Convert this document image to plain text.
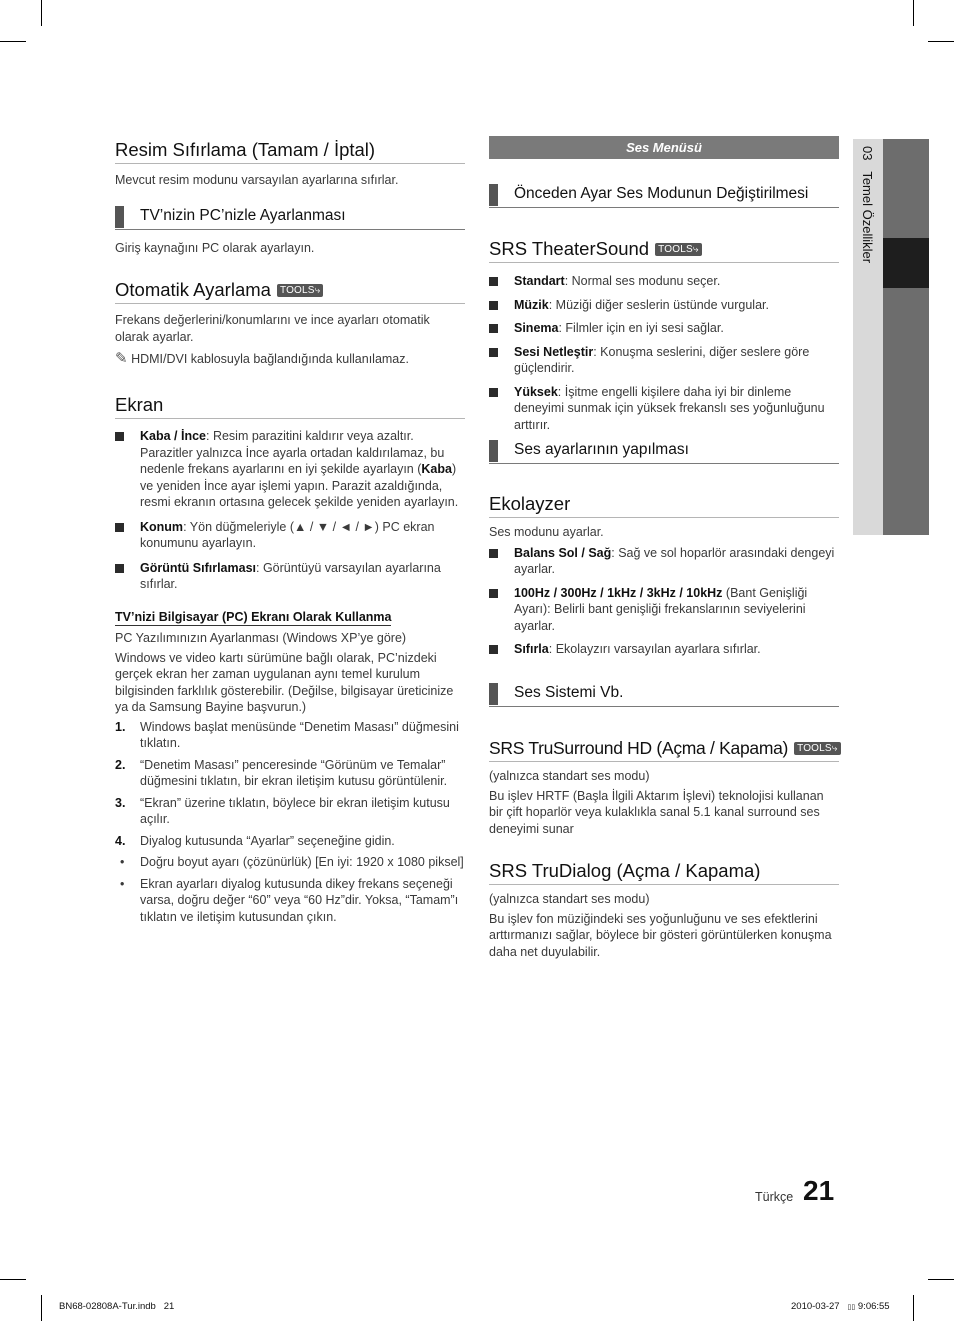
03   Temel Özellikler
Resim Sıfırlama (Tamam / İptal)

Mevcut resim modunu varsayılan ayarlarına sıfırlar.

TV’nizin PC’nizle Ayarlanması

Giriş kaynağını PC olarak ayarlayın.

Otomatik Ayarlama TOOLS⤷

Frekans değerlerini/konumlarını ve ince ayarları otomatik olarak ayarlar.

✎ HDMI/DVI kablosuyla bağlandığında kullanılamaz.

Ekran

Kaba / İnce: Resim parazitini kaldırır veya azaltır. Parazitler yalnızca İnce ayarla ortadan kaldırılamaz, bu nedenle frekans ayarlarını en iyi şekilde ayarlayın (Kaba) ve yeniden İnce ayar işlemi yapın. Parazit azaldığında, resmi ekranın ortasına gelecek şekilde yeniden ayarlayın.

Konum: Yön düğmeleriyle (▲ / ▼ / ◄ / ►) PC ekran konumunu ayarlayın.

Görüntü Sıfırlaması: Görüntüyü varsayılan ayarlarına sıfırlar.

TV’nizi Bilgisayar (PC) Ekranı Olarak Kullanma

PC Yazılımınızın Ayarlanması (Windows XP’ye göre)

Windows ve video kartı sürümüne bağlı olarak, PC’nizdeki gerçek ekran her zaman uygulanan aynı temel kurulum bilgisinden farklılık gösterebilir. (Değilse, bilgisayar üreticinize ya da Samsung Bayine başvurun.)

1. Windows başlat menüsünde “Denetim Masası” düğmesini tıklatın.

2. “Denetim Masası” penceresinde “Görünüm ve Temalar” düğmesini tıklatın, bir ekran iletişim kutusu görüntülenir.

3. “Ekran” üzerine tıklatın, böylece bir ekran iletişim kutusu açılır.

4. Diyalog kutusunda “Ayarlar” seçeneğine gidin.

• Doğru boyut ayarı (çözünürlük) [En iyi: 1920 x 1080 piksel]

• Ekran ayarları diyalog kutusunda dikey frekans seçeneği varsa, doğru değer “60” veya “60 Hz”dir. Yoksa, “Tamam”ı tıklatın ve iletişim kutusundan çıkın.

Ses Menüsü
Önceden Ayar Ses Modunun Değiştirilmesi
SRS TheaterSound TOOLS⤷

Standart: Normal ses modunu seçer.

Müzik: Müziği diğer seslerin üstünde vurgular.

Sinema: Filmler için en iyi sesi sağlar.

Sesi Netleştir: Konuşma seslerini, diğer seslere göre güçlendirir.

Yüksek: İşitme engelli kişilere daha iyi bir dinleme deneyimi sunmak için yüksek frekanslı ses yoğunluğunu arttırır.

Ses ayarlarının yapılması
Ekolayzer

Ses modunu ayarlar.

Balans Sol / Sağ: Sağ ve sol hoparlör arasındaki dengeyi ayarlar.

100Hz / 300Hz / 1kHz / 3kHz / 10kHz (Bant Genişliği Ayarı): Belirli bant genişliği frekanslarının seviyelerini ayarlar.

Sıfırla: Ekolayzırı varsayılan ayarlara sıfırlar.

Ses Sistemi Vb.
SRS TruSurround HD (Açma / Kapama) TOOLS⤷

(yalnızca standart ses modu)

Bu işlev HRTF (Başla İlgili Aktarım İşlevi) teknolojisi kullanan bir çift hoparlör veya kulaklıkla sanal 5.1 kanal surround ses deneyimi sunar

SRS TruDialog (Açma / Kapama)

(yalnızca standart ses modu)

Bu işlev fon müziğindeki ses yoğunluğunu ve ses efektlerini arttırmanızı sağlar, böylece bir gösteri görüntülerken konuşma daha net duyulabilir.

Türkçe 21
BN68-02808A-Tur.indb   21	2010-03-27 ▯▯ 9:06:55
